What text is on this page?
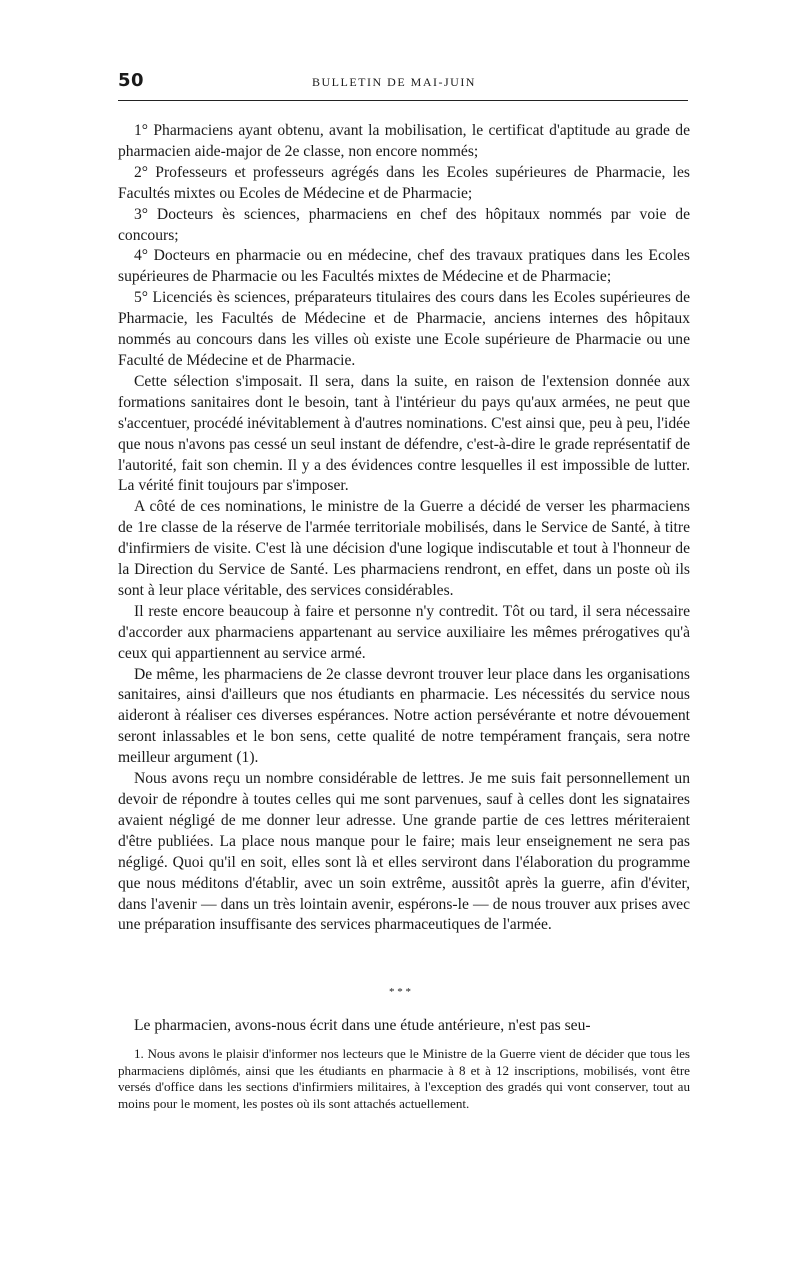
50	BULLETIN DE MAI-JUIN

1° Pharmaciens ayant obtenu, avant la mobilisation, le certificat d'aptitude au grade de pharmacien aide-major de 2e classe, non encore nommés;

2° Professeurs et professeurs agrégés dans les Ecoles supérieures de Pharmacie, les Facultés mixtes ou Ecoles de Médecine et de Pharmacie;

3° Docteurs ès sciences, pharmaciens en chef des hôpitaux nommés par voie de concours;

4° Docteurs en pharmacie ou en médecine, chef des travaux pratiques dans les Ecoles supérieures de Pharmacie ou les Facultés mixtes de Médecine et de Pharmacie;

5° Licenciés ès sciences, préparateurs titulaires des cours dans les Ecoles supérieures de Pharmacie, les Facultés de Médecine et de Pharmacie, anciens internes des hôpitaux nommés au concours dans les villes où existe une Ecole supérieure de Pharmacie ou une Faculté de Médecine et de Pharmacie.

Cette sélection s'imposait. Il sera, dans la suite, en raison de l'extension donnée aux formations sanitaires dont le besoin, tant à l'intérieur du pays qu'aux armées, ne peut que s'accentuer, procédé inévitablement à d'autres nominations. C'est ainsi que, peu à peu, l'idée que nous n'avons pas cessé un seul instant de défendre, c'est-à-dire le grade représentatif de l'autorité, fait son chemin. Il y a des évidences contre lesquelles il est impossible de lutter. La vérité finit toujours par s'imposer.

A côté de ces nominations, le ministre de la Guerre a décidé de verser les pharmaciens de 1re classe de la réserve de l'armée territoriale mobilisés, dans le Service de Santé, à titre d'infirmiers de visite. C'est là une décision d'une logique indiscutable et tout à l'honneur de la Direction du Service de Santé. Les pharmaciens rendront, en effet, dans un poste où ils sont à leur place véritable, des services considérables.

Il reste encore beaucoup à faire et personne n'y contredit. Tôt ou tard, il sera nécessaire d'accorder aux pharmaciens appartenant au service auxiliaire les mêmes prérogatives qu'à ceux qui appartiennent au service armé.

De même, les pharmaciens de 2e classe devront trouver leur place dans les organisations sanitaires, ainsi d'ailleurs que nos étudiants en pharmacie. Les nécessités du service nous aideront à réaliser ces diverses espérances. Notre action persévérante et notre dévouement seront inlassables et le bon sens, cette qualité de notre tempérament français, sera notre meilleur argument (1).

Nous avons reçu un nombre considérable de lettres. Je me suis fait personnellement un devoir de répondre à toutes celles qui me sont parvenues, sauf à celles dont les signataires avaient négligé de me donner leur adresse. Une grande partie de ces lettres mériteraient d'être publiées. La place nous manque pour le faire; mais leur enseignement ne sera pas négligé. Quoi qu'il en soit, elles sont là et elles serviront dans l'élaboration du programme que nous méditons d'établir, avec un soin extrême, aussitôt après la guerre, afin d'éviter, dans l'avenir — dans un très lointain avenir, espérons-le — de nous trouver aux prises avec une préparation insuffisante des services pharmaceutiques de l'armée.

* * *
Le pharmacien, avons-nous écrit dans une étude antérieure, n'est pas seu-
1. Nous avons le plaisir d'informer nos lecteurs que le Ministre de la Guerre vient de décider que tous les pharmaciens diplômés, ainsi que les étudiants en pharmacie à 8 et à 12 inscriptions, mobilisés, vont être versés d'office dans les sections d'infirmiers militaires, à l'exception des gradés qui vont conserver, tout au moins pour le moment, les postes où ils sont attachés actuellement.
